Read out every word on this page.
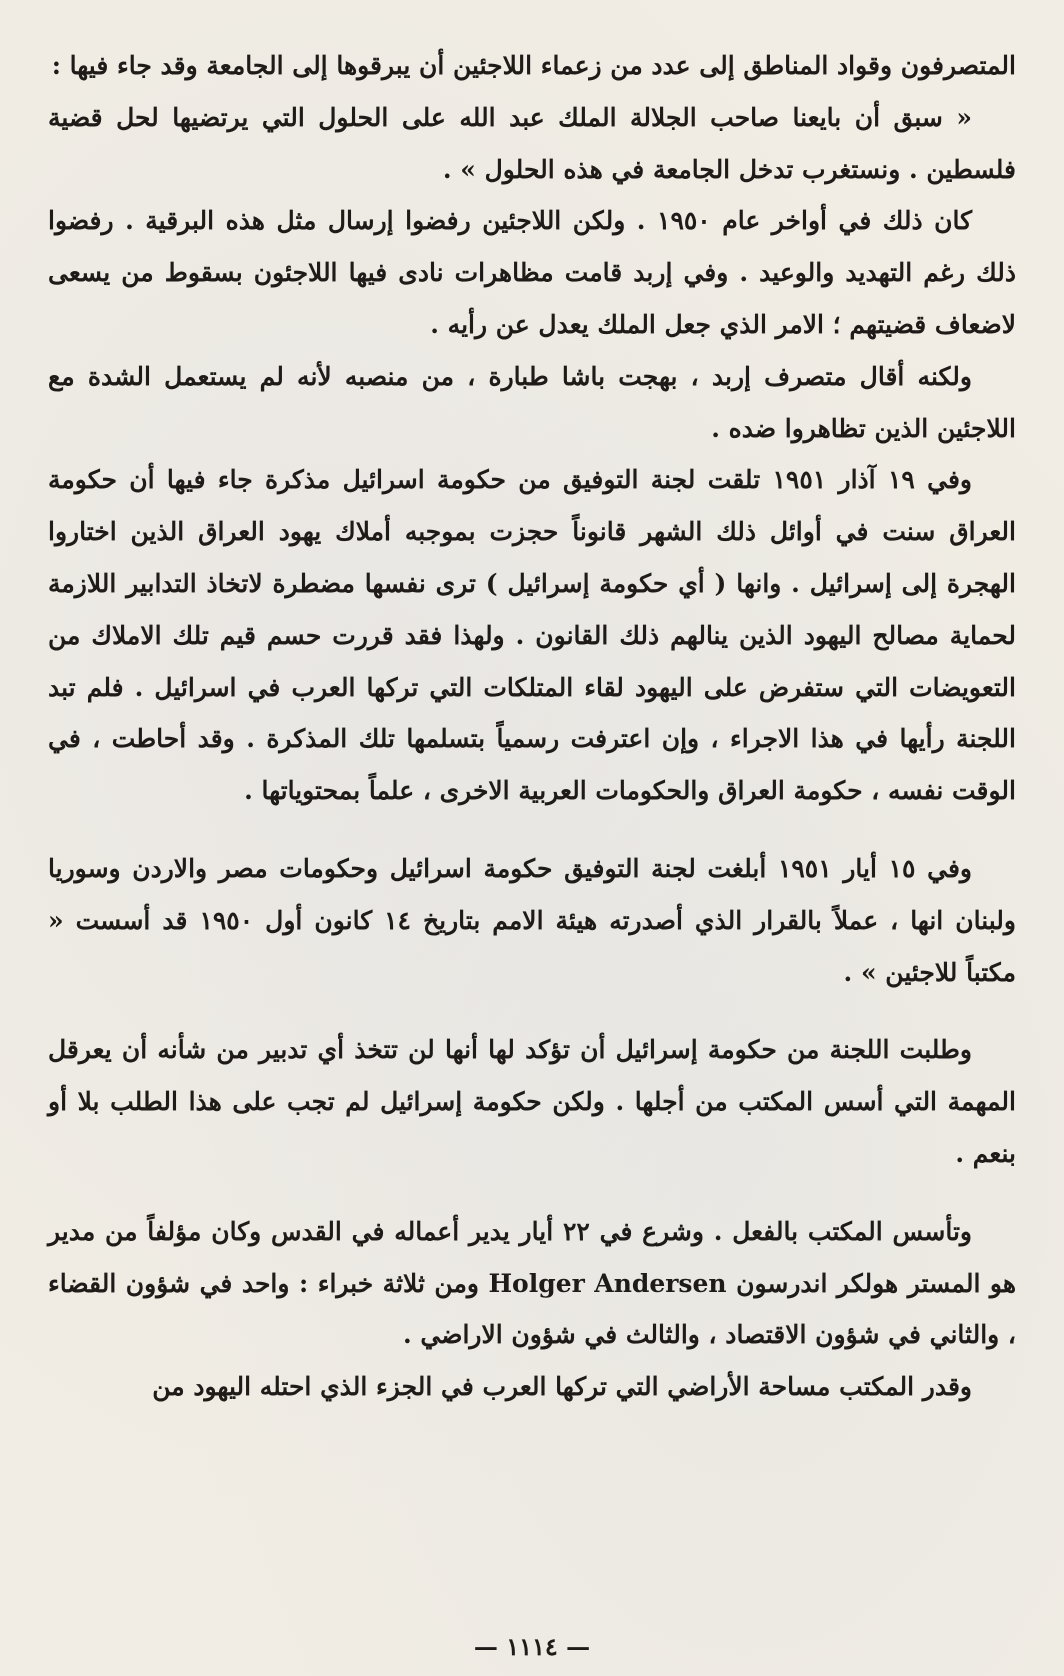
المتصرفون وقواد المناطق إلى عدد من زعماء اللاجئين أن يبرقوها إلى الجامعة وقد جاء فيها :

« سبق أن بايعنا صاحب الجلالة الملك عبد الله على الحلول التي يرتضيها لحل قضية فلسطين . ونستغرب تدخل الجامعة في هذه الحلول » .

كان ذلك في أواخر عام ١٩٥٠ . ولكن اللاجئين رفضوا إرسال مثل هذه البرقية . رفضوا ذلك رغم التهديد والوعيد . وفي إربد قامت مظاهرات نادى فيها اللاجئون بسقوط من يسعى لاضعاف قضيتهم ؛ الامر الذي جعل الملك يعدل عن رأيه .

ولكنه أقال متصرف إربد ، بهجت باشا طبارة ، من منصبه لأنه لم يستعمل الشدة مع اللاجئين الذين تظاهروا ضده .

وفي ١٩ آذار ١٩٥١ تلقت لجنة التوفيق من حكومة اسرائيل مذكرة جاء فيها أن حكومة العراق سنت في أوائل ذلك الشهر قانوناً حجزت بموجبه أملاك يهود العراق الذين اختاروا الهجرة إلى إسرائيل . وانها ( أي حكومة إسرائيل ) ترى نفسها مضطرة لاتخاذ التدابير اللازمة لحماية مصالح اليهود الذين ينالهم ذلك القانون . ولهذا فقد قررت حسم قيم تلك الاملاك من التعويضات التي ستفرض على اليهود لقاء المتلكات التي تركها العرب في اسرائيل . فلم تبد اللجنة رأيها في هذا الاجراء ، وإن اعترفت رسمياً بتسلمها تلك المذكرة . وقد أحاطت ، في الوقت نفسه ، حكومة العراق والحكومات العربية الاخرى ، علماً بمحتوياتها .

وفي ١٥ أيار ١٩٥١ أبلغت لجنة التوفيق حكومة اسرائيل وحكومات مصر والاردن وسوريا ولبنان انها ، عملاً بالقرار الذي أصدرته هيئة الامم بتاريخ ١٤ كانون أول ١٩٥٠ قد أسست « مكتباً للاجئين » .

وطلبت اللجنة من حكومة إسرائيل أن تؤكد لها أنها لن تتخذ أي تدبير من شأنه أن يعرقل المهمة التي أسس المكتب من أجلها . ولكن حكومة إسرائيل لم تجب على هذا الطلب بلا أو بنعم .

وتأسس المكتب بالفعل . وشرع في ٢٢ أيار يدير أعماله في القدس وكان مؤلفاً من مدير هو المستر هولكر اندرسون Holger Andersen ومن ثلاثة خبراء : واحد في شؤون القضاء ، والثاني في شؤون الاقتصاد ، والثالث في شؤون الاراضي .

وقدر المكتب مساحة الأراضي التي تركها العرب في الجزء الذي احتله اليهود من

— ١١١٤ —
